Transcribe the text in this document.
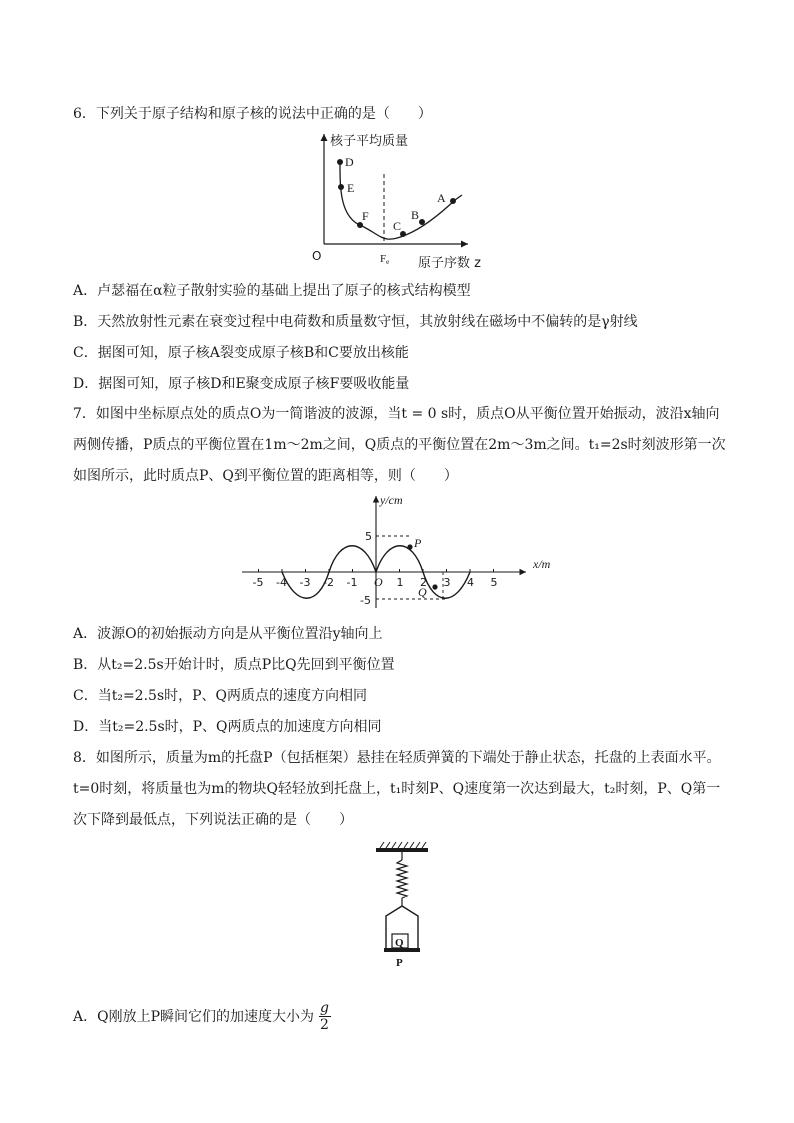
6．下列关于原子结构和原子核的说法中正确的是（　　）
核子平均质量
原子序数 z
O	Fe
D
E
F
C
B
A
A．卢瑟福在α粒子散射实验的基础上提出了原子的核式结构模型
B．天然放射性元素在衰变过程中电荷数和质量数守恒，其放射线在磁场中不偏转的是γ射线
C．据图可知，原子核A裂变成原子核B和C要放出核能
D．据图可知，原子核D和E聚变成原子核F要吸收能量
7．如图中坐标原点处的质点O为一简谐波的波源，当t = 0 s时，质点O从平衡位置开始振动，波沿x轴向
两侧传播，P质点的平衡位置在1m～2m之间，Q质点的平衡位置在2m～3m之间。t₁=2s时刻波形第一次
如图所示，此时质点P、Q到平衡位置的距离相等，则（　　）
y/cm
x/m
O
-5 -4 -3 -2 -1	1 2 3 4 5
5
-5
P
Q
A．波源O的初始振动方向是从平衡位置沿y轴向上
B．从t₂=2.5s开始计时，质点P比Q先回到平衡位置
C．当t₂=2.5s时，P、Q两质点的速度方向相同
D．当t₂=2.5s时，P、Q两质点的加速度方向相同
8．如图所示，质量为m的托盘P（包括框架）悬挂在轻质弹簧的下端处于静止状态，托盘的上表面水平。
t=0时刻，将质量也为m的物块Q轻轻放到托盘上，t₁时刻P、Q速度第一次达到最大，t₂时刻，P、Q第一
次下降到最低点，下列说法正确的是（　　）
Q
P
A．Q刚放上P瞬间它们的加速度大小为
g
2
